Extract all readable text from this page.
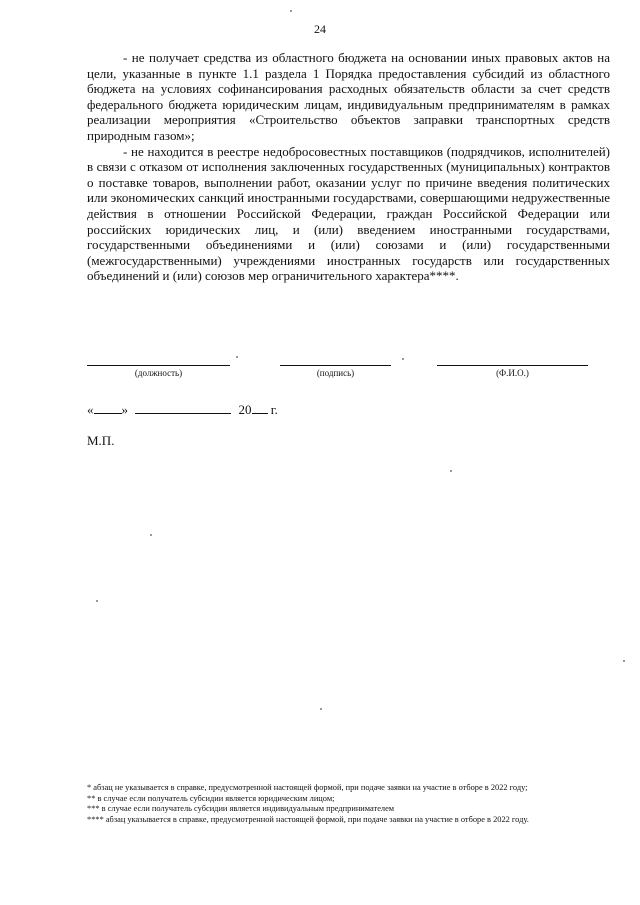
24

- не получает средства из областного бюджета на основании иных правовых актов на цели, указанные в пункте 1.1 раздела 1 Порядка предоставления субсидий из областного бюджета на условиях софинансирования расходных обязательств области за счет средств федерального бюджета юридическим лицам, индивидуальным предпринимателям в рамках реализации мероприятия «Строительство объектов заправки транспортных средств природным газом»;

- не находится в реестре недобросовестных поставщиков (подрядчиков, исполнителей) в связи с отказом от исполнения заключенных государственных (муниципальных) контрактов о поставке товаров, выполнении работ, оказании услуг по причине введения политических или экономических санкций иностранными государствами, совершающими недружественные действия в отношении Российской Федерации, граждан Российской Федерации или российских юридических лиц, и (или) введением иностранными государствами, государственными объединениями и (или) союзами и (или) государственными (межгосударственными) учреждениями иностранных государств или государственных объединений и (или) союзов мер ограничительного характера****.

(должность)	(подпись)	(Ф.И.О.)
« »	20 г.
М.П.
* абзац не указывается в справке, предусмотренной настоящей формой, при подаче заявки на участие в отборе в 2022 году;
** в случае если получатель субсидии является юридическим лицом;
*** в случае если получатель субсидии является индивидуальным предпринимателем
**** абзац указывается в справке, предусмотренной настоящей формой, при подаче заявки на участие в отборе в 2022 году.
